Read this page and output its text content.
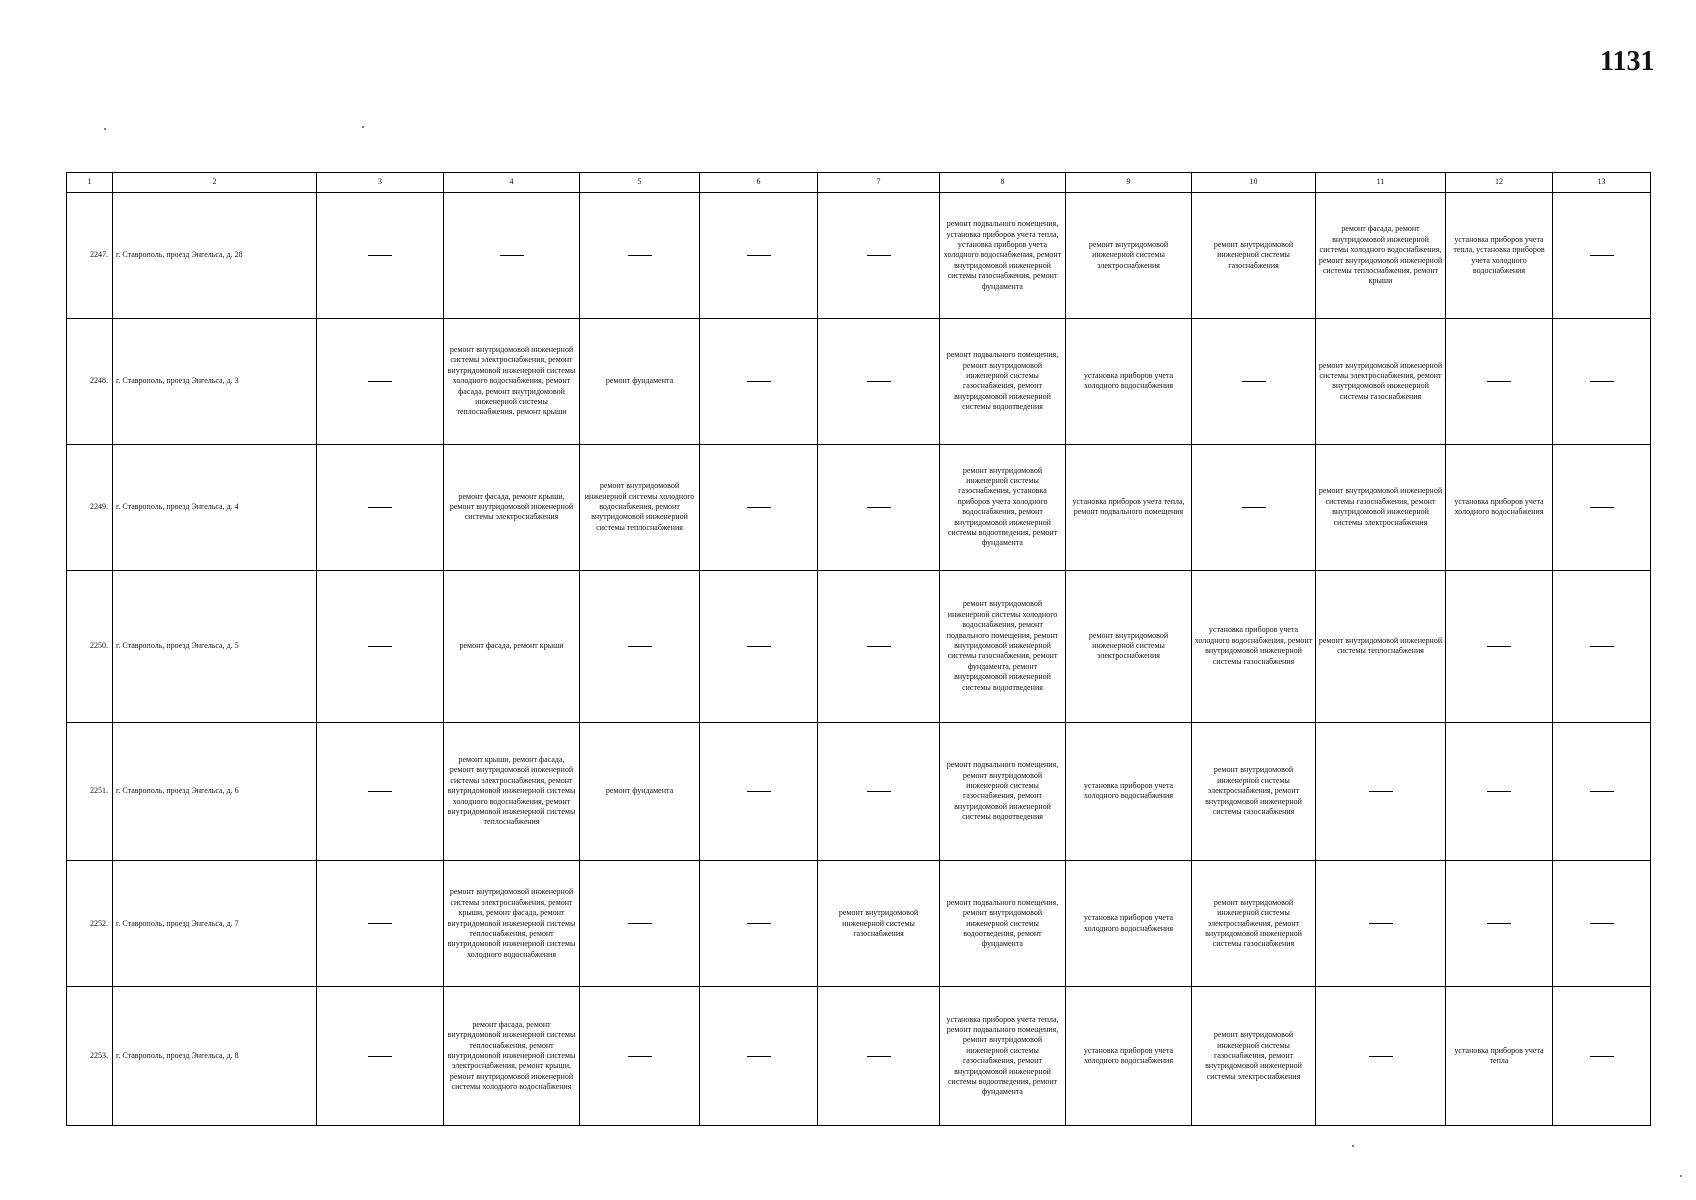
1131
1	2	3	4	5	6	7	8	9	10	11	12	13
2247.	г. Ставрополь, проезд Энгельса, д. 28						ремонт подвального помещения, установка приборов учета тепла, установка приборов учета холодного водоснабжения, ремонт внутридомовой инженерной системы газоснабжения, ремонт фундамента	ремонт внутридомовой инженерной системы электроснабжения	ремонт внутридомовой инженерной системы газоснабжения	ремонт фасада, ремонт внутридомовой инженерной системы холодного водоснабжения, ремонт внутридомовой инженерной системы теплоснабжения, ремонт крыши	установка приборов учета тепла, установка приборов учета холодного водоснабжения	
2248.	г. Ставрополь, проезд Энгельса, д. 3		ремонт внутридомовой инженерной системы электроснабжения, ремонт внутридомовой инженерной системы холодного водоснабжения, ремонт фасада, ремонт внутридомовой инженерной системы теплоснабжения, ремонт крыши	ремонт фундамента			ремонт подвального помещения, ремонт внутридомовой инженерной системы газоснабжения, ремонт внутридомовой инженерной системы водоотведения	установка приборов учета холодного водоснабжения		ремонт внутридомовой инженерной системы электроснабжения, ремонт внутридомовой инженерной системы газоснабжения		
2249.	г. Ставрополь, проезд Энгельса, д. 4		ремонт фасада, ремонт крыши, ремонт внутридомовой инженерной системы электроснабжения	ремонт внутридомовой инженерной системы холодного водоснабжения, ремонт внутридомовой инженерной системы теплоснабжения			ремонт внутридомовой инженерной системы газоснабжения, установка приборов учета холодного водоснабжения, ремонт внутридомовой инженерной системы водоотведения, ремонт фундамента	установка приборов учета тепла, ремонт подвального помещения		ремонт внутридомовой инженерной системы газоснабжения, ремонт внутридомовой инженерной системы электроснабжения	установка приборов учета холодного водоснабжения	
2250.	г. Ставрополь, проезд Энгельса, д. 5		ремонт фасада, ремонт крыши				ремонт внутридомовой инженерной системы холодного водоснабжения, ремонт подвального помещения, ремонт внутридомовой инженерной системы газоснабжения, ремонт фундамента, ремонт внутридомовой инженерной системы водоотведения	ремонт внутридомовой инженерной системы электроснабжения	установка приборов учета холодного водоснабжения, ремонт внутридомовой инженерной системы газоснабжения	ремонт внутридомовой инженерной системы теплоснабжения		
2251.	г. Ставрополь, проезд Энгельса, д. 6		ремонт крыши, ремонт фасада, ремонт внутридомовой инженерной системы электроснабжения, ремонт внутридомовой инженерной системы холодного водоснабжения, ремонт внутридомовой инженерной системы теплоснабжения	ремонт фундамента			ремонт подвального помещения, ремонт внутридомовой инженерной системы газоснабжения, ремонт внутридомовой инженерной системы водоотведения	установка приборов учета холодного водоснабжения	ремонт внутридомовой инженерной системы электроснабжения, ремонт внутридомовой инженерной системы газоснабжения			
2252.	г. Ставрополь, проезд Энгельса, д. 7		ремонт внутридомовой инженерной системы электроснабжения, ремонт крыши, ремонт фасада, ремонт внутридомовой инженерной системы теплоснабжения, ремонт внутридомовой инженерной системы холодного водоснабжения			ремонт внутридомовой инженерной системы газоснабжения	ремонт подвального помещения, ремонт внутридомовой инженерной системы водоотведения, ремонт фундамента	установка приборов учета холодного водоснабжения	ремонт внутридомовой инженерной системы электроснабжения, ремонт внутридомовой инженерной системы газоснабжения			
2253.	г. Ставрополь, проезд Энгельса, д. 8		ремонт фасада, ремонт внутридомовой инженерной системы теплоснабжения, ремонт внутридомовой инженерной системы электроснабжения, ремонт крыши, ремонт внутридомовой инженерной системы холодного водоснабжения				установка приборов учета тепла, ремонт подвального помещения, ремонт внутридомовой инженерной системы газоснабжения, ремонт внутридомовой инженерной системы водоотведения, ремонт фундамента	установка приборов учета холодного водоснабжения	ремонт внутридомовой инженерной системы газоснабжения, ремонт внутридомовой инженерной системы электроснабжения		установка приборов учета тепла	
